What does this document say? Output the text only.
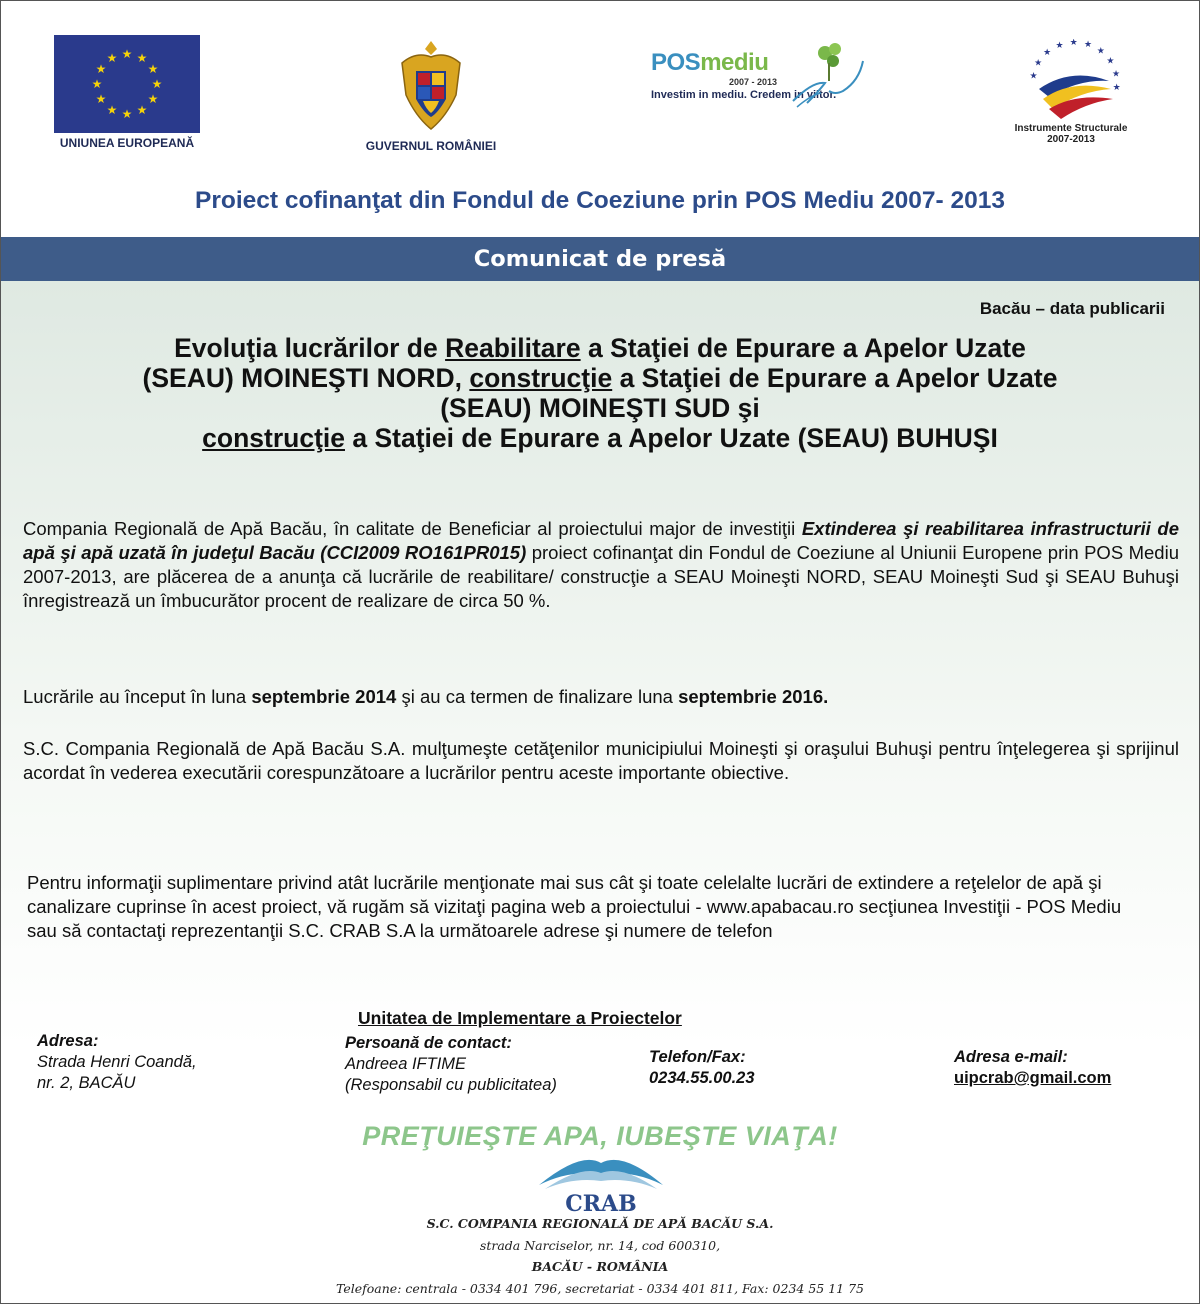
★ ★
★
★
★
★
★
★
★
★
★
★
UNIUNEA EUROPEANĂ	GUVERNUL ROMÂNIEI
POSmediu
2007 - 2013
Investim in mediu. Credem in viitor.
★
★
★
★ ★ ★
★
★
★
★
Instrumente Structurale
2007-2013
Proiect cofinanţat din Fondul de Coeziune prin POS Mediu 2007- 2013
Comunicat de presă
Bacău – data publicarii
Evoluţia lucrărilor de Reabilitare a Staţiei de Epurare a Apelor Uzate
(SEAU) MOINEŞTI NORD, construcţie a Staţiei de Epurare a Apelor Uzate
(SEAU) MOINEŞTI SUD şi
construcţie a Staţiei de Epurare a Apelor Uzate (SEAU) BUHUŞI
Compania Regională de Apă Bacău, în calitate de Beneficiar al proiectului major de investiţii Extinderea şi reabilitarea infrastructurii de apă şi apă uzată în judeţul Bacău (CCI2009 RO161PR015) proiect cofinanţat din Fondul de Coeziune al Uniunii Europene prin POS Mediu 2007-2013, are plăcerea de a anunţa că lucrările de reabilitare/ construcţie a SEAU Moineşti NORD, SEAU Moineşti Sud şi SEAU Buhuşi înregistrează un îmbucurător procent de realizare de circa 50 %.
Lucrările au început în luna septembrie 2014 şi au ca termen de finalizare luna septembrie 2016.
S.C. Compania Regională de Apă Bacău S.A. mulţumeşte cetăţenilor municipiului Moineşti şi oraşului Buhuşi pentru înţelegerea şi sprijinul acordat în vederea executării corespunzătoare a lucrărilor pentru aceste importante obiective.
Pentru informaţii suplimentare privind atât lucrările menţionate mai sus cât şi toate celelalte lucrări de extindere a reţelelor de apă şi canalizare cuprinse în acest proiect, vă rugăm să vizitaţi pagina web a proiectului - www.apabacau.ro secţiunea Investiţii - POS Mediu sau să contactaţi reprezentanţii S.C. CRAB S.A la următoarele adrese şi numere de telefon
Unitatea de Implementare a Proiectelor
Adresa:
Strada Henri Coandă,
nr. 2, BACĂU
Persoană de contact:
Andreea IFTIME
(Responsabil cu publicitatea)
Telefon/Fax:
0234.55.00.23
Adresa e-mail:
uipcrab@gmail.com
PREŢUIEŞTE APA, IUBEŞTE VIAŢA!
CRAB
S.C. COMPANIA REGIONALĂ DE APĂ BACĂU S.A.
strada Narciselor, nr. 14, cod 600310,
BACĂU - ROMÂNIA
Telefoane: centrala - 0334 401 796, secretariat - 0334 401 811, Fax: 0234 55 11 75
